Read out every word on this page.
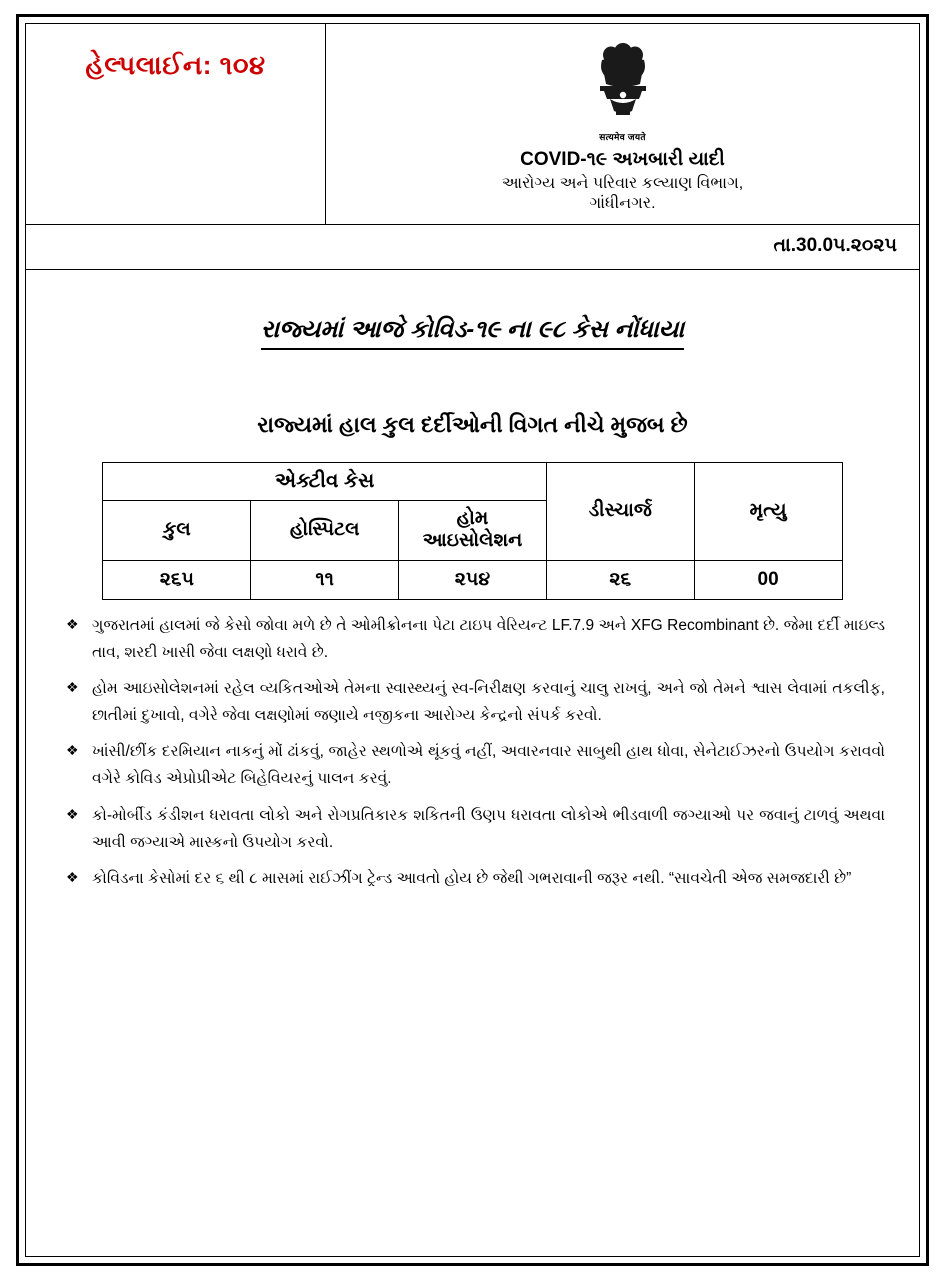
હેલ્પલાઈન: ૧૦૪
सत्यमेव जयते
COVID-૧૯ અખબારી યાદી
આરોગ્ય અને પરિવાર કલ્યાણ વિભાગ,
ગાંધીનગર.
તા.30.0૫.૨૦૨૫
રાજ્યમાં આજે કોવિડ-૧૯ ના ૯૮ કેસ નોંધાયા
રાજ્યમાં હાલ કુલ દર્દીઓની વિગત નીચે મુજબ છે
એક્ટીવ કેસ			ડીસ્ચાર્જ	મૃત્યુ
કુલ	હોસ્પિટલ	હોમ
આઇસોલેશન		
૨૬૫	૧૧	૨૫૪	૨૬	00
❖ ગુજરાતમાં હાલમાં જે કેસો જોવા મળે છે તે ઓમીક્રોનના પેટા ટાઇપ વેરિયન્ટ LF.7.9 અને XFG Recombinant છે. જેમા દર્દી માઇલ્ડ તાવ, શરદી ખાસી જેવા લક્ષણો ધરાવે છે.
❖ હોમ આઇસોલેશનમાં રહેલ વ્યકિતઓએ તેમના સ્વાસ્થ્યનું સ્વ-નિરીક્ષણ કરવાનું ચાલુ રાખવું, અને જો તેમને શ્વાસ લેવામાં તકલીફ, છાતીમાં દુખાવો, વગેરે જેવા લક્ષણોમાં જણાયે નજીકના આરોગ્ય કેન્દ્રનો સંપર્ક કરવો.
❖ ખાંસી/છીંક દરમિયાન નાકનું મોં ઢાંકવું, જાહેર સ્થળોએ થૂંકવું નહીં, અવારનવાર સાબુથી હાથ ધોવા, સેનેટાઈઝરનો ઉપયોગ કરાવવો વગેરે કોવિડ એપ્રોપ્રીએટ બિહેવિયરનું પાલન કરવું.
❖ કો-મોર્બીડ કંડીશન ધરાવતા લોકો અને રોગપ્રતિકારક શકિતની ઉણપ ધરાવતા લોકોએ ભીડવાળી જગ્યાઓ પર જવાનું ટાળવું અથવા આવી જગ્યાએ માસ્કનો ઉપયોગ કરવો.
❖ કોવિડના કેસોમાં દર ૬ થી ૮ માસમાં રાઈઝીંગ ટ્રેન્ડ આવતો હોય છે જેથી ગભરાવાની જરૂર નથી. “સાવચેતી એજ સમજદારી છે”
